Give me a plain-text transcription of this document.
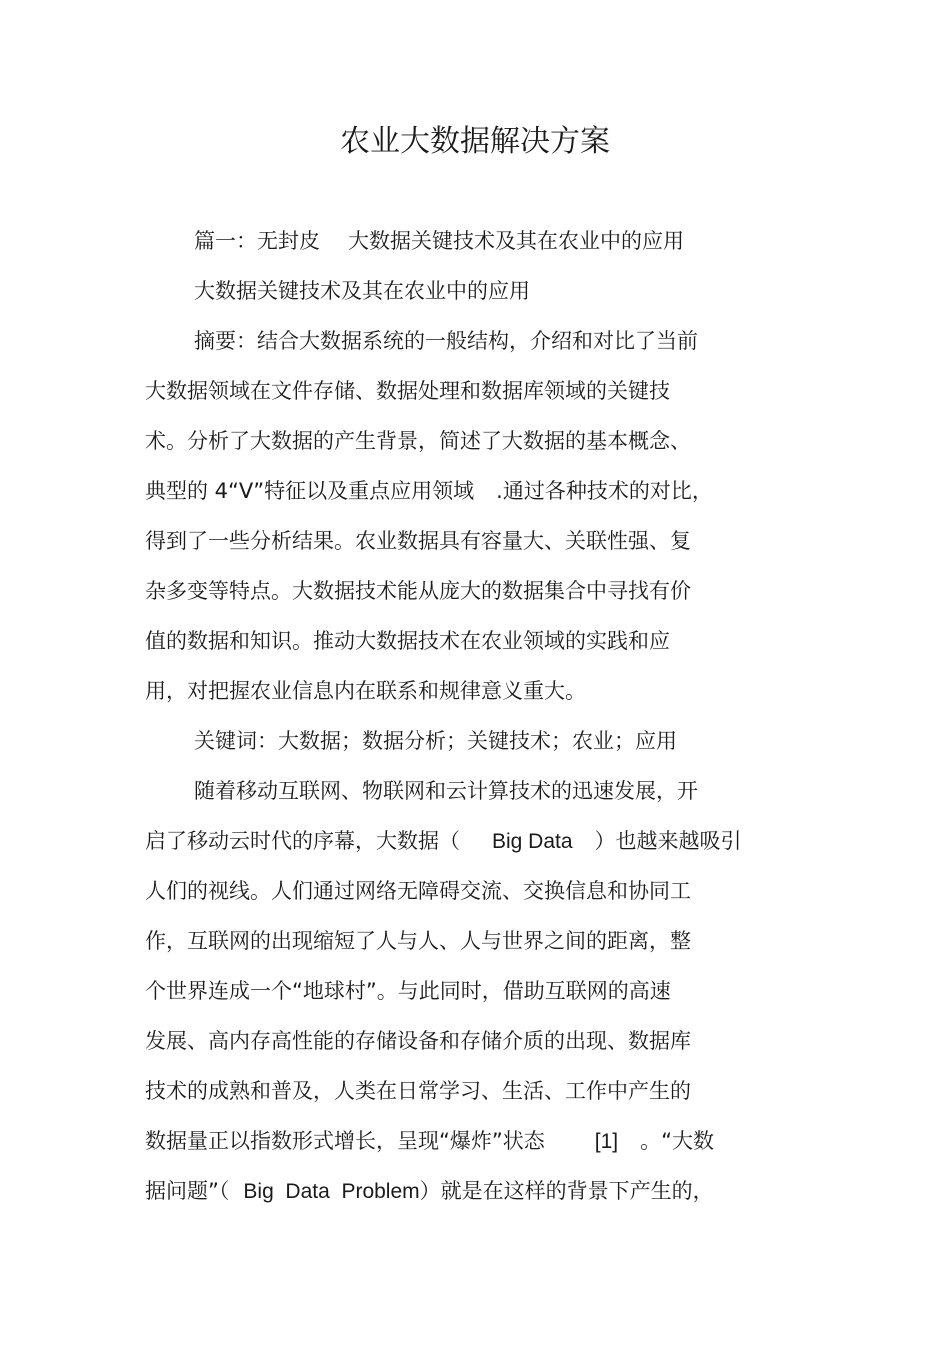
农业大数据解决方案
篇一：无封皮 大数据关键技术及其在农业中的应用
大数据关键技术及其在农业中的应用
摘要：结合大数据系统的一般结构，介绍和对比了当前
大数据领域在文件存储、数据处理和数据库领域的关键技
术。分析了大数据的产生背景，简述了大数据的基本概念、
典型的 4“V”特征以及重点应用领域 .通过各种技术的对比，
得到了一些分析结果。农业数据具有容量大、关联性强、复
杂多变等特点。大数据技术能从庞大的数据集合中寻找有价
值的数据和知识。推动大数据技术在农业领域的实践和应
用，对把握农业信息内在联系和规律意义重大。
关键词：大数据；数据分析；关键技术；农业；应用
随着移动互联网、物联网和云计算技术的迅速发展，开
启了移动云时代的序幕，大数据（ Big Data ）也越来越吸引
人们的视线。人们通过网络无障碍交流、交换信息和协同工
作，互联网的出现缩短了人与人、人与世界之间的距离，整
个世界连成一个“地球村”。与此同时，借助互联网的高速
发展、高内存高性能的存储设备和存储介质的出现、数据库
技术的成熟和普及，人类在日常学习、生活、工作中产生的
数据量正以指数形式增长，呈现“爆炸”状态 [1] 。“大数
据问题”（ Big  Data  Problem）就是在这样的背景下产生的，
